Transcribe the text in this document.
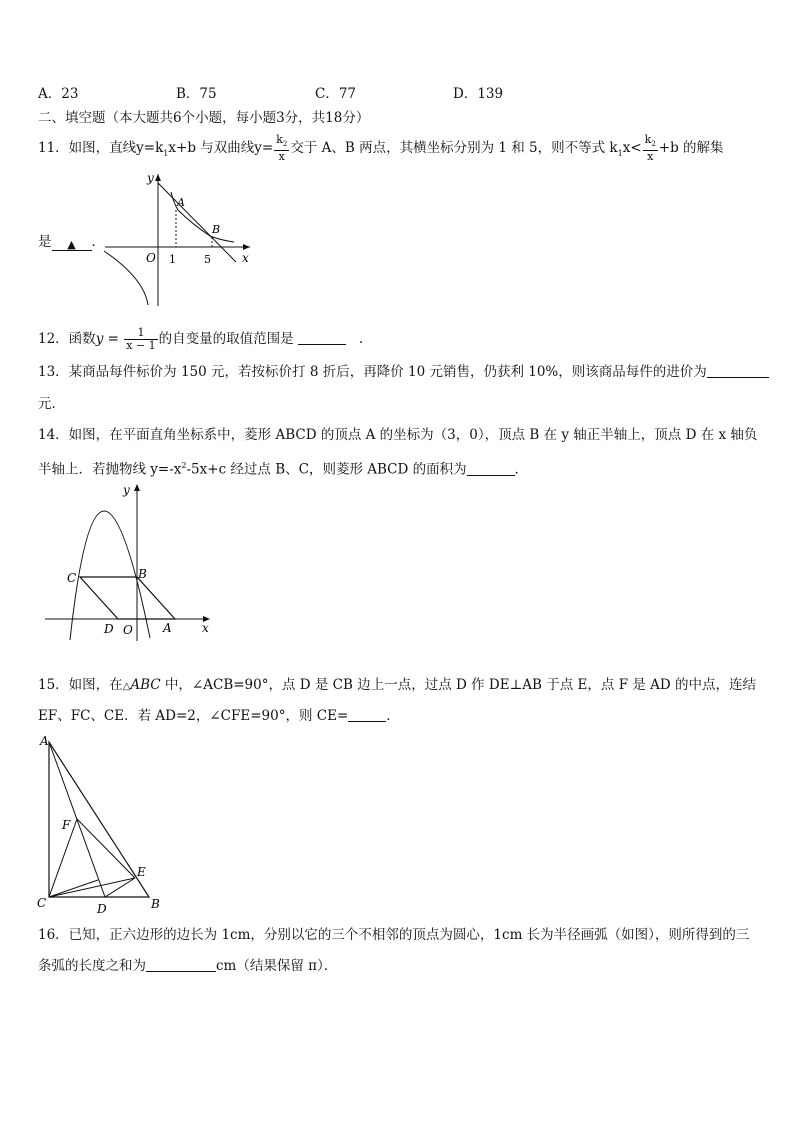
A．23	B．75	C．77	D．139
二、填空题（本大题共6个小题，每小题3分，共18分）
11．如图，直线$y=k_1x+b$ 与双曲线$y= \frac{k_2}{x}$ 交于 A、B 两点，其横坐标分别为 1 和 5，则不等式 $k_1x< \frac{k_2}{x} +b$ 的解集
y
x
O 1	5
A
B
是 ▲ ．
12．函数$y = \frac{1}{x - 1}$ 的自变量的取值范围是	.
13．某商品每件标价为 150 元，若按标价打 8 折后，再降价 10 元销售，仍获利 10%，则该商品每件的进价为
元．
14．如图，在平面直角坐标系中，菱形 ABCD 的顶点 A 的坐标为（3，0），顶点 B 在 y 轴正半轴上，顶点 D 在 x 轴负
半轴上．若抛物线 $y=-x^2-5x+c$ 经过点 B、C，则菱形 ABCD 的面积为	．
y
x
C	B
D O	A
15．如图，在△ABC 中，∠ACB=90°，点 D 是 CB 边上一点，过点 D 作 DE⊥AB 于点 E，点 F 是 AD 的中点，连结
EF、FC、CE．若 AD=2，∠CFE=90°，则 CE=	．
A
F
E
C	D	B
16．已知，正六边形的边长为 1cm，分别以它的三个不相邻的顶点为圆心，1cm 长为半径画弧（如图），则所得到的三
条弧的长度之和为	cm（结果保留 π）．
